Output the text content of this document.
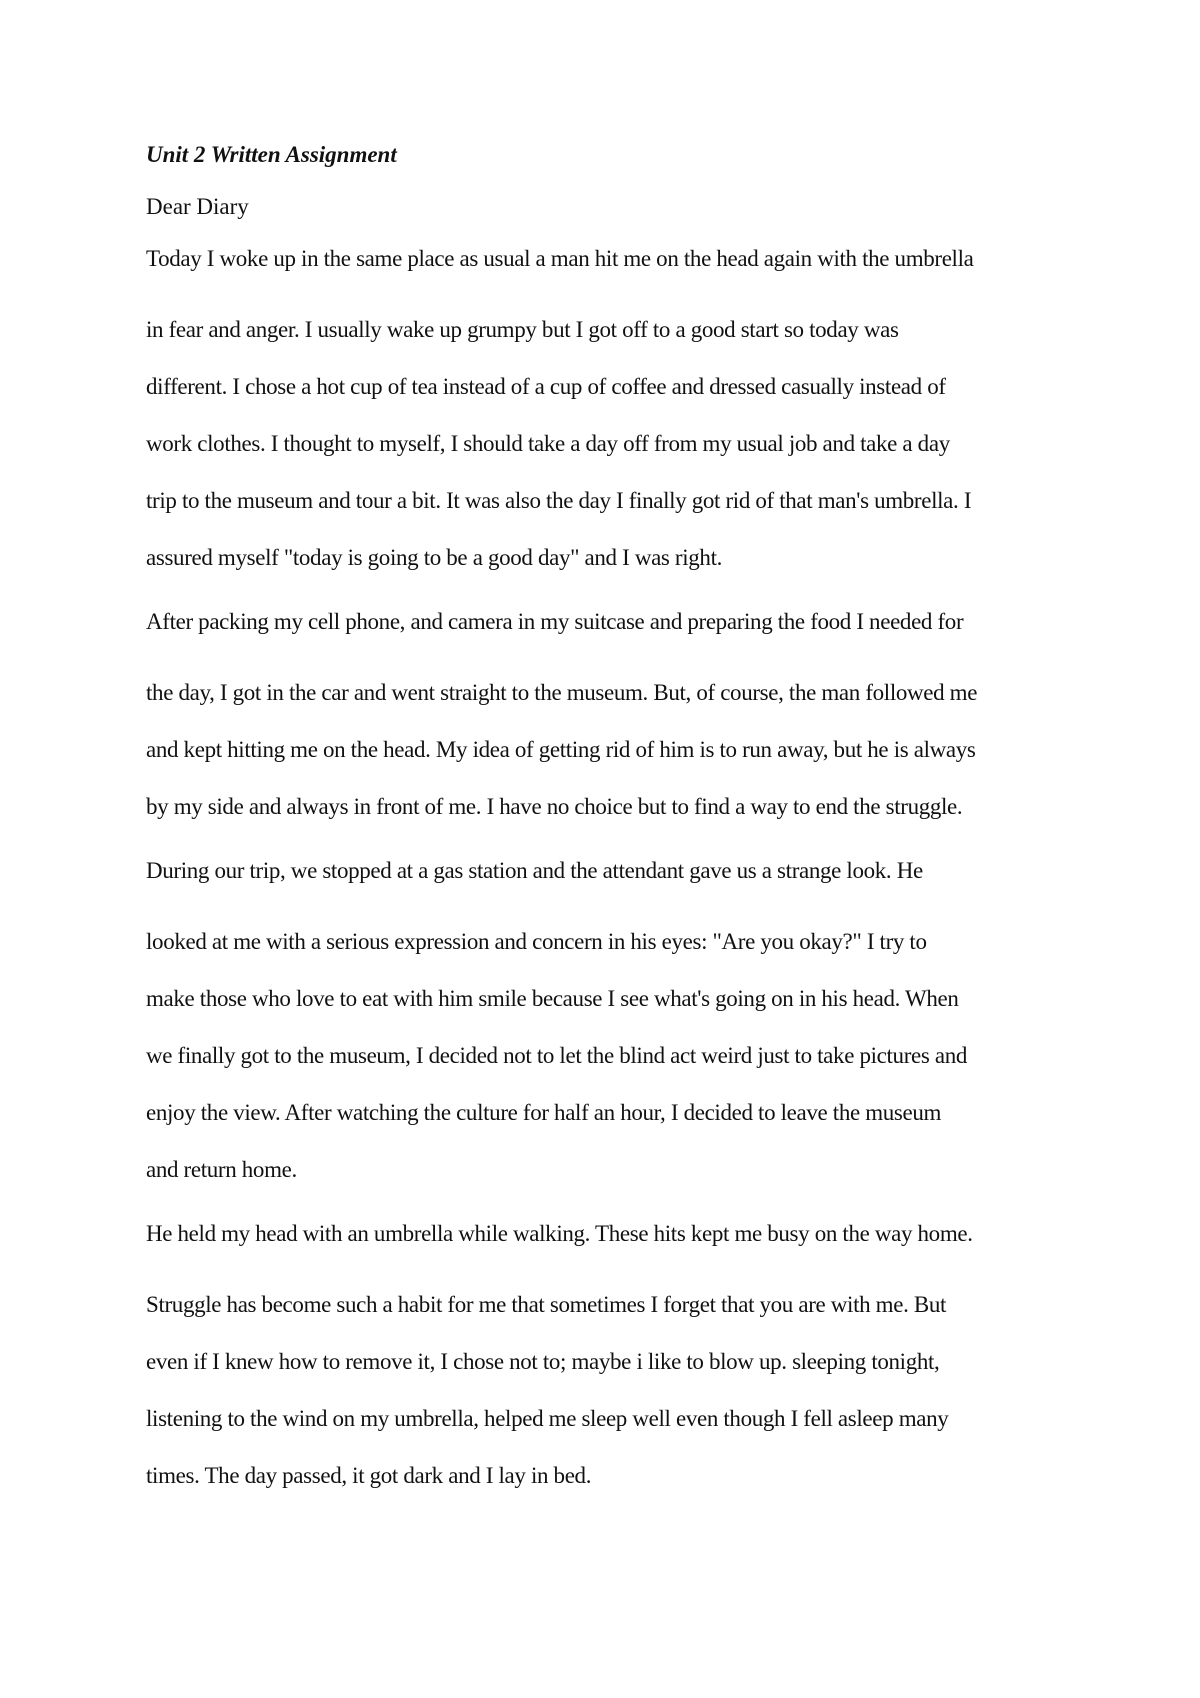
Unit 2 Written Assignment
Dear Diary
Today I woke up in the same place as usual a man hit me on the head again with the umbrella
in fear and anger. I usually wake up grumpy but I got off to a good start so today was
different. I chose a hot cup of tea instead of a cup of coffee and dressed casually instead of
work clothes. I thought to myself, I should take a day off from my usual job and take a day
trip to the museum and tour a bit. It was also the day I finally got rid of that man's umbrella. I
assured myself "today is going to be a good day" and I was right.
After packing my cell phone, and camera in my suitcase and preparing the food I needed for
the day, I got in the car and went straight to the museum. But, of course, the man followed me
and kept hitting me on the head. My idea of getting rid of him is to run away, but he is always
by my side and always in front of me. I have no choice but to find a way to end the struggle.
During our trip, we stopped at a gas station and the attendant gave us a strange look. He
looked at me with a serious expression and concern in his eyes: "Are you okay?" I try to
make those who love to eat with him smile because I see what's going on in his head. When
we finally got to the museum, I decided not to let the blind act weird just to take pictures and
enjoy the view. After watching the culture for half an hour, I decided to leave the museum
and return home.
He held my head with an umbrella while walking. These hits kept me busy on the way home.
Struggle has become such a habit for me that sometimes I forget that you are with me. But
even if I knew how to remove it, I chose not to; maybe i like to blow up. sleeping tonight,
listening to the wind on my umbrella, helped me sleep well even though I fell asleep many
times. The day passed, it got dark and I lay in bed.
